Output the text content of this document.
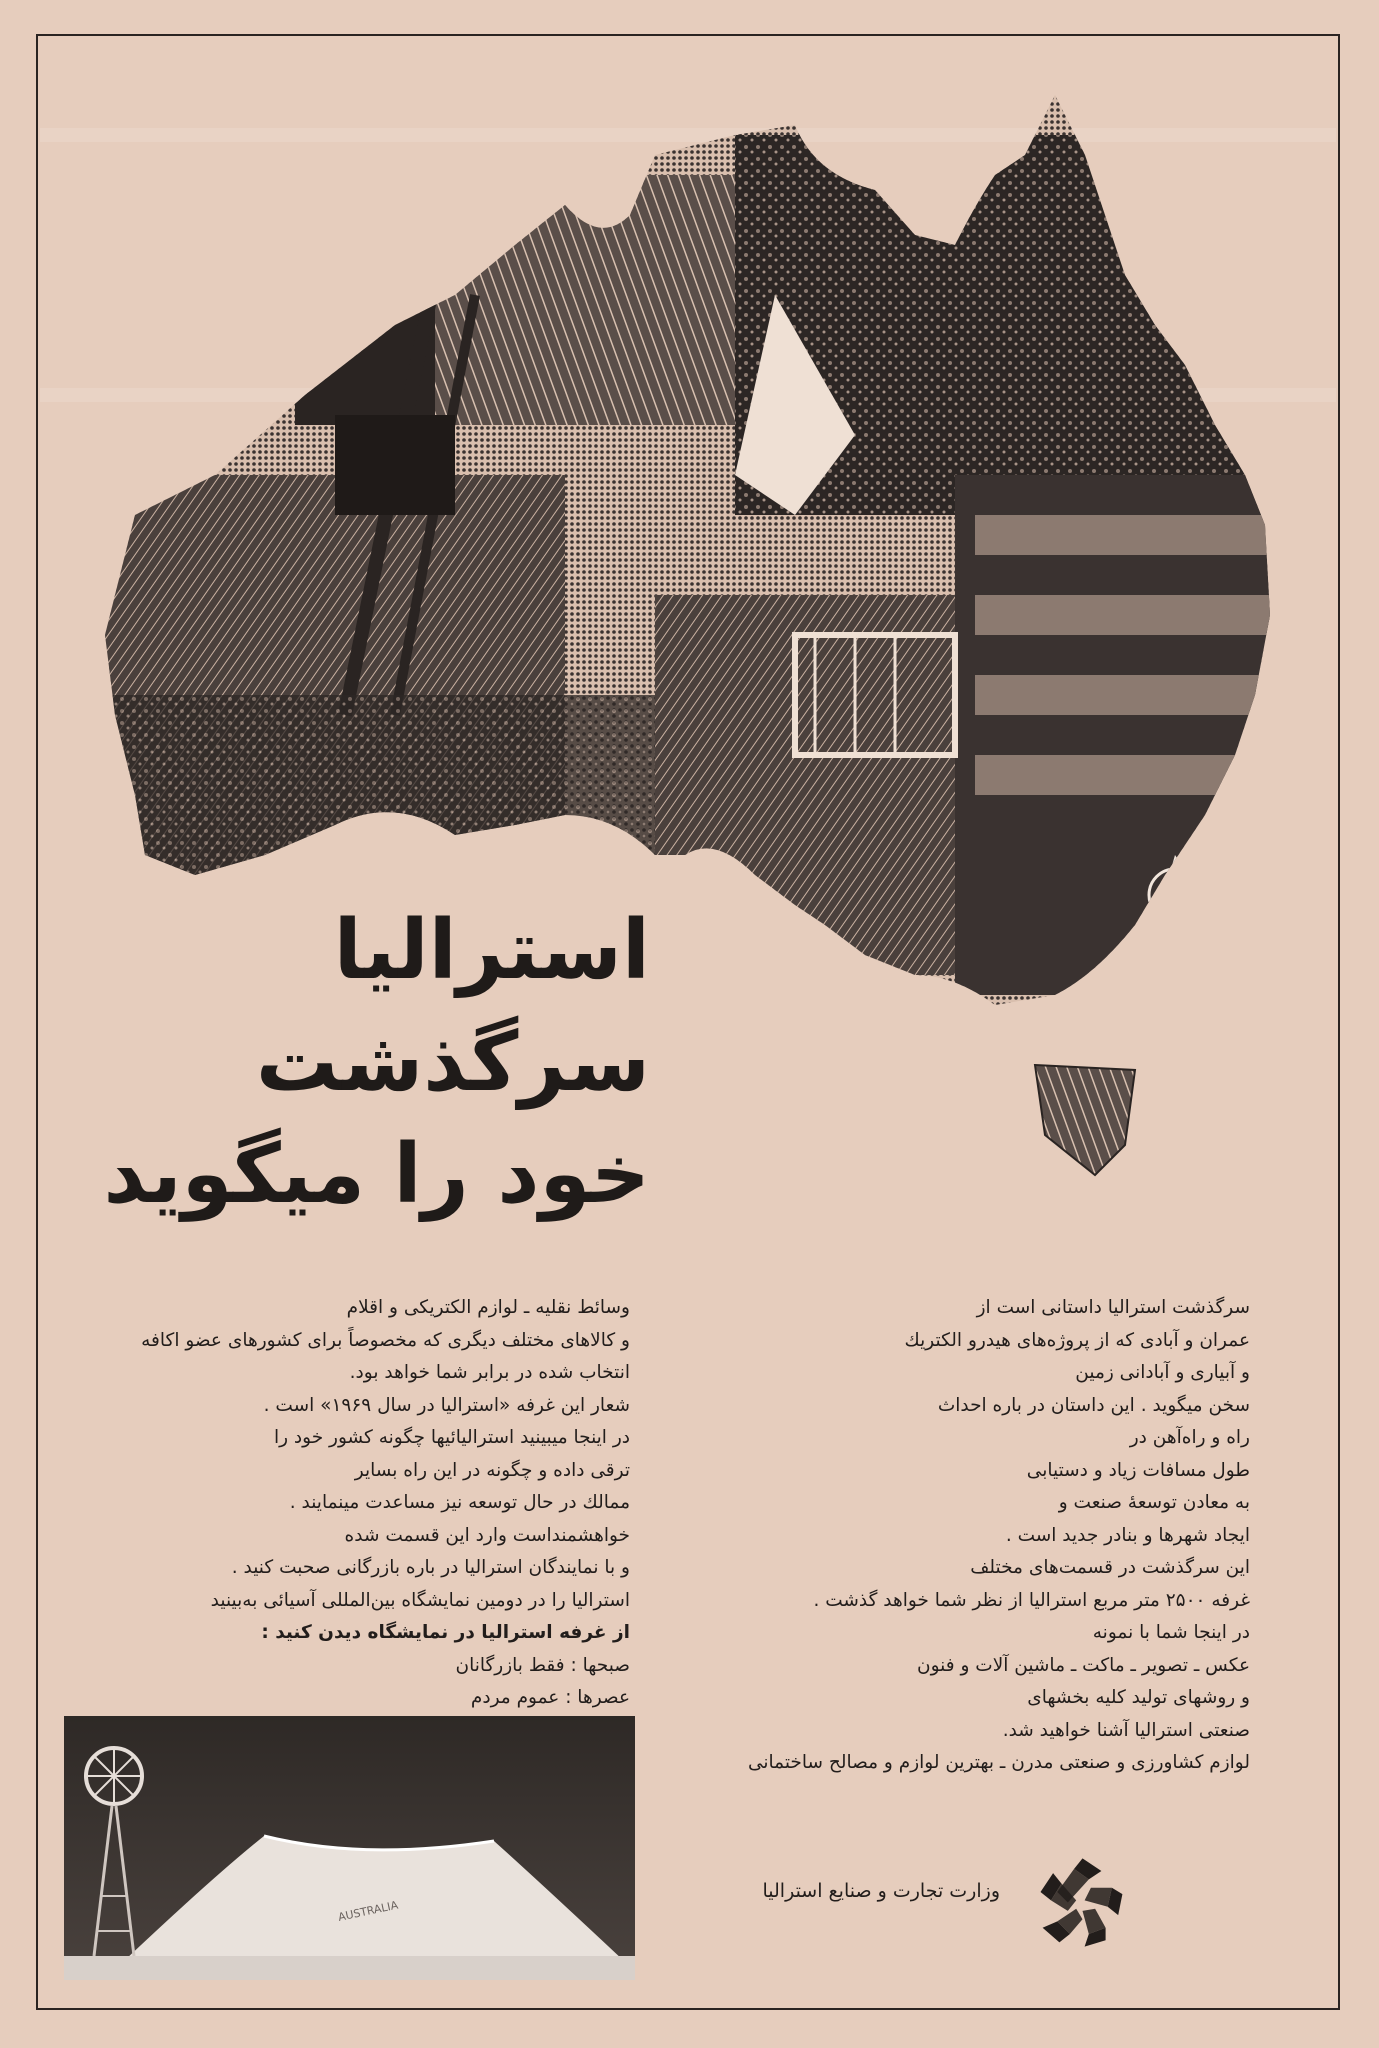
استرالیا
سرگذشت
خود را میگوید
سرگذشت استرالیا داستانی است از
عمران و آبادی که از پروژه‌های هیدرو الکتریك
و آبیاری و آبادانی زمین
سخن میگوید . این داستان در باره احداث
راه و راه‌آهن در
طول مسافات زیاد و دستیابی
به معادن توسعهٔ صنعت و
ایجاد شهرها و بنادر جدید است .
این سرگذشت در قسمت‌های مختلف
غرفه ۲۵۰۰ متر مربع استرالیا از نظر شما خواهد گذشت .
در اینجا شما با نمونه
عکس ـ تصویر ـ ماکت ـ ماشین آلات و فنون
و روشهای تولید کلیه بخشهای
صنعتی استرالیا آشنا خواهید شد.
لوازم کشاورزی و صنعتی مدرن ـ بهترین لوازم و مصالح ساختمانی
وسائط نقلیه ـ لوازم الکتریکی و اقلام
و کالاهای مختلف دیگری که مخصوصاً برای کشورهای عضو اکافه
انتخاب شده در برابر شما خواهد بود.
شعار این غرفه «استرالیا در سال ۱۹۶۹» است .
در اینجا میبینید استرالیائیها چگونه کشور خود را
ترقی داده و چگونه در این راه بسایر
ممالك در حال توسعه نیز مساعدت مینمایند .
خواهشمنداست وارد این قسمت شده
و با نمایندگان استرالیا در باره بازرگانی صحبت کنید .
استرالیا را در دومین نمایشگاه بین‌المللی آسیائی به‌بینید
از غرفه استرالیا در نمایشگاه دیدن کنید :
صبحها : فقط بازرگانان
عصرها : عموم مردم
AUSTRALIA
وزارت تجارت و صنایع استرالیا
